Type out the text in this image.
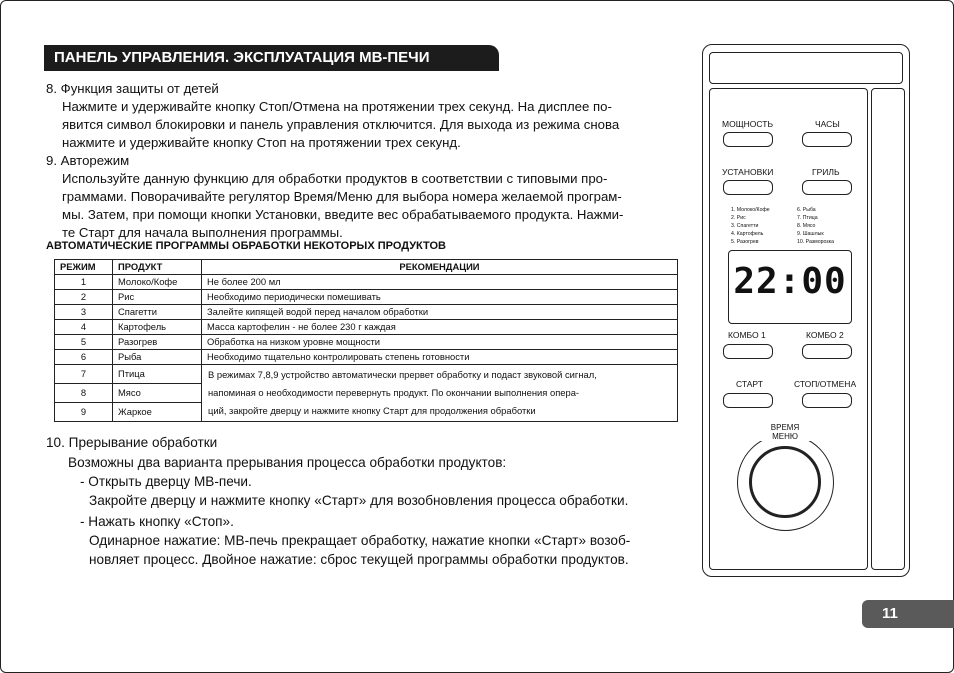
ПАНЕЛЬ УПРАВЛЕНИЯ. ЭКСПЛУАТАЦИЯ МВ-ПЕЧИ
8. Функция защиты от детей
Нажмите и удерживайте кнопку Стоп/Отмена на протяжении трех секунд. На дисплее по-
явится символ блокировки и панель управления отключится. Для выхода из режима снова
нажмите и удерживайте кнопку Стоп на протяжении трех секунд.
9. Авторежим
Используйте данную функцию для обработки продуктов в соответствии с типовыми про-
граммами. Поворачивайте регулятор Время/Меню для выбора номера желаемой програм-
мы. Затем, при помощи кнопки Установки, введите вес обрабатываемого продукта. Нажми-
те Старт для начала выполнения программы.
АВТОМАТИЧЕСКИЕ ПРОГРАММЫ ОБРАБОТКИ НЕКОТОРЫХ ПРОДУКТОВ
РЕЖИМ	ПРОДУКТ	РЕКОМЕНДАЦИИ
1	Молоко/Кофе	Не более 200 мл
2	Рис	Необходимо периодически помешивать
3	Спагетти	Залейте кипящей водой перед началом обработки
4	Картофель	Масса картофелин - не более 230 г каждая
5	Разогрев	Обработка на низком уровне мощности
6	Рыба	Необходимо тщательно контролировать степень готовности
7	Птица	В режимах 7,8,9 устройство автоматически прервет обработку и подаст звуковой сигнал,
напоминая о необходимости перевернуть продукт. По окончании выполнения опера-
ций, закройте дверцу и нажмите кнопку Старт для продолжения обработки

8	Мясо	
9	Жаркое	
10. Прерывание обработки
Возможны два варианта прерывания процесса обработки продуктов:
- Открыть дверцу МВ-печи.
Закройте дверцу и нажмите кнопку «Старт» для возобновления процесса обработки.
- Нажать кнопку «Стоп».
Одинарное нажатие: МВ-печь прекращает обработку, нажатие кнопки «Старт» возоб-
новляет процесс. Двойное нажатие: сброс текущей программы обработки продуктов.
МОЩНОСТЬ	ЧАСЫ
УСТАНОВКИ	ГРИЛЬ
1. Молоко/Кофе
2. Рис
3. Спагетти
4. Картофель
5. Разогрев
6. Рыба
7. Птица
8. Мясо
9. Шашлык
10. Разморозка
22:00
КОМБО 1	КОМБО 2
СТАРТ	СТОП/ОТМЕНА
ВРЕМЯ
МЕНЮ
11
